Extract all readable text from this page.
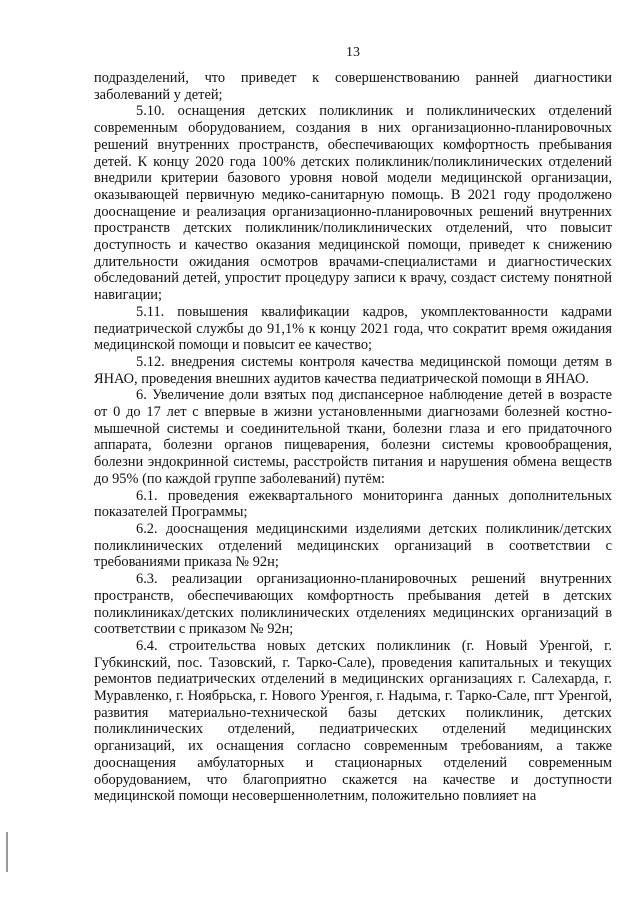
13

подразделений, что приведет к совершенствованию ранней диагностики заболеваний у детей;

5.10. оснащения детских поликлиник и поликлинических отделений современным оборудованием, создания в них организационно-планировочных решений внутренних пространств, обеспечивающих комфортность пребывания детей. К концу 2020 года 100% детских поликлиник/поликлинических отделений внедрили критерии базового уровня новой модели медицинской организации, оказывающей первичную медико-санитарную помощь. В 2021 году продолжено дооснащение и реализация организационно-планировочных решений внутренних пространств детских поликлиник/поликлинических отделений, что повысит доступность и качество оказания медицинской помощи, приведет к снижению длительности ожидания осмотров врачами-специалистами и диагностических обследований детей, упростит процедуру записи к врачу, создаст систему понятной навигации;

5.11. повышения квалификации кадров, укомплектованности кадрами педиатрической службы до 91,1% к концу 2021 года, что сократит время ожидания медицинской помощи и повысит ее качество;

5.12. внедрения системы контроля качества медицинской помощи детям в ЯНАО, проведения внешних аудитов качества педиатрической помощи в ЯНАО.

6. Увеличение доли взятых под диспансерное наблюдение детей в возрасте от 0 до 17 лет с впервые в жизни установленными диагнозами болезней костно-мышечной системы и соединительной ткани, болезни глаза и его придаточного аппарата, болезни органов пищеварения, болезни системы кровообращения, болезни эндокринной системы, расстройств питания и нарушения обмена веществ до 95% (по каждой группе заболеваний) путём:

6.1. проведения ежеквартального мониторинга данных дополнительных показателей Программы;

6.2. дооснащения медицинскими изделиями детских поликлиник/детских поликлинических отделений медицинских организаций в соответствии с требованиями приказа № 92н;

6.3. реализации организационно-планировочных решений внутренних пространств, обеспечивающих комфортность пребывания детей в детских поликлиниках/детских поликлинических отделениях медицинских организаций в соответствии с приказом № 92н;

6.4. строительства новых детских поликлиник (г. Новый Уренгой, г. Губкинский, пос. Тазовский, г. Тарко-Сале), проведения капитальных и текущих ремонтов педиатрических отделений в медицинских организациях г. Салехарда, г. Муравленко, г. Ноябрьска, г. Нового Уренгоя, г. Надыма, г. Тарко-Сале, пгт Уренгой, развития материально-технической базы детских поликлиник, детских поликлинических отделений, педиатрических отделений медицинских организаций, их оснащения согласно современным требованиям, а также дооснащения амбулаторных и стационарных отделений современным оборудованием, что благоприятно скажется на качестве и доступности медицинской помощи несовершеннолетним, положительно повлияет на
